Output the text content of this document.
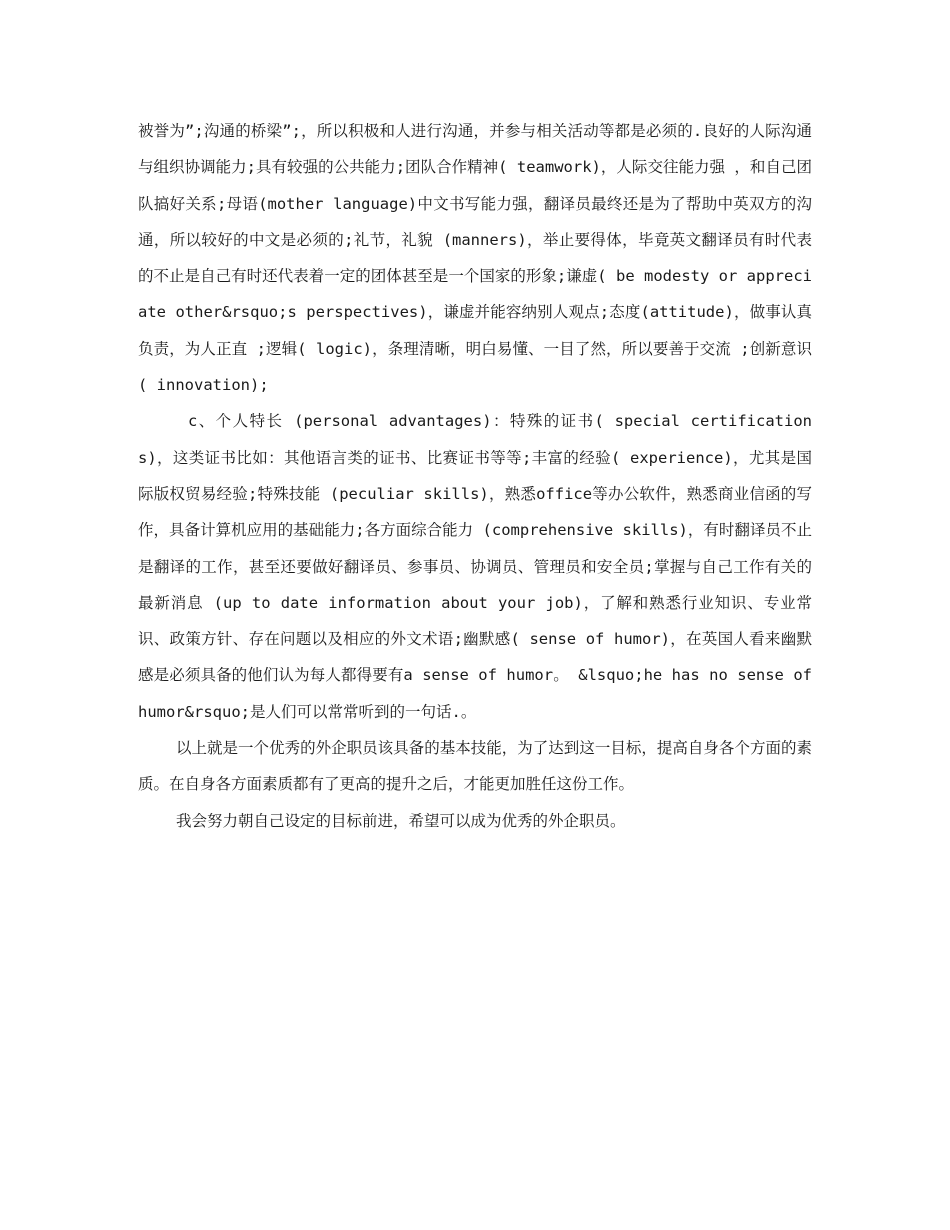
被誉为”;沟通的桥梁”;，所以积极和人进行沟通，并参与相关活动等都是必须的.良好的人际沟通与组织协调能力;具有较强的公共能力;团队合作精神( teamwork)，人际交往能力强 ，和自己团队搞好关系;母语(mother language)中文书写能力强，翻译员最终还是为了帮助中英双方的沟通，所以较好的中文是必须的;礼节，礼貌 (manners)，举止要得体，毕竟英文翻译员有时代表的不止是自己有时还代表着一定的团体甚至是一个国家的形象;谦虚( be modesty or appreciate other&rsquo;s perspectives)，谦虚并能容纳别人观点;态度(attitude)，做事认真负责，为人正直 ;逻辑( logic)，条理清晰，明白易懂、一目了然，所以要善于交流 ;创新意识( innovation);

c、个人特长 (personal advantages)：特殊的证书( special certifications)，这类证书比如：其他语言类的证书、比赛证书等等;丰富的经验( experience)，尤其是国际版权贸易经验;特殊技能 (peculiar skills)，熟悉office等办公软件，熟悉商业信函的写作，具备计算机应用的基础能力;各方面综合能力 (comprehensive skills)，有时翻译员不止是翻译的工作，甚至还要做好翻译员、参事员、协调员、管理员和安全员;掌握与自己工作有关的最新消息 (up to date information about your job)，了解和熟悉行业知识、专业常识、政策方针、存在问题以及相应的外文术语;幽默感( sense of humor)，在英国人看来幽默感是必须具备的他们认为每人都得要有a sense of humor。 &lsquo;he has no sense of humor&rsquo;是人们可以常常听到的一句话.。

以上就是一个优秀的外企职员该具备的基本技能，为了达到这一目标，提高自身各个方面的素质。在自身各方面素质都有了更高的提升之后，才能更加胜任这份工作。

我会努力朝自己设定的目标前进，希望可以成为优秀的外企职员。
